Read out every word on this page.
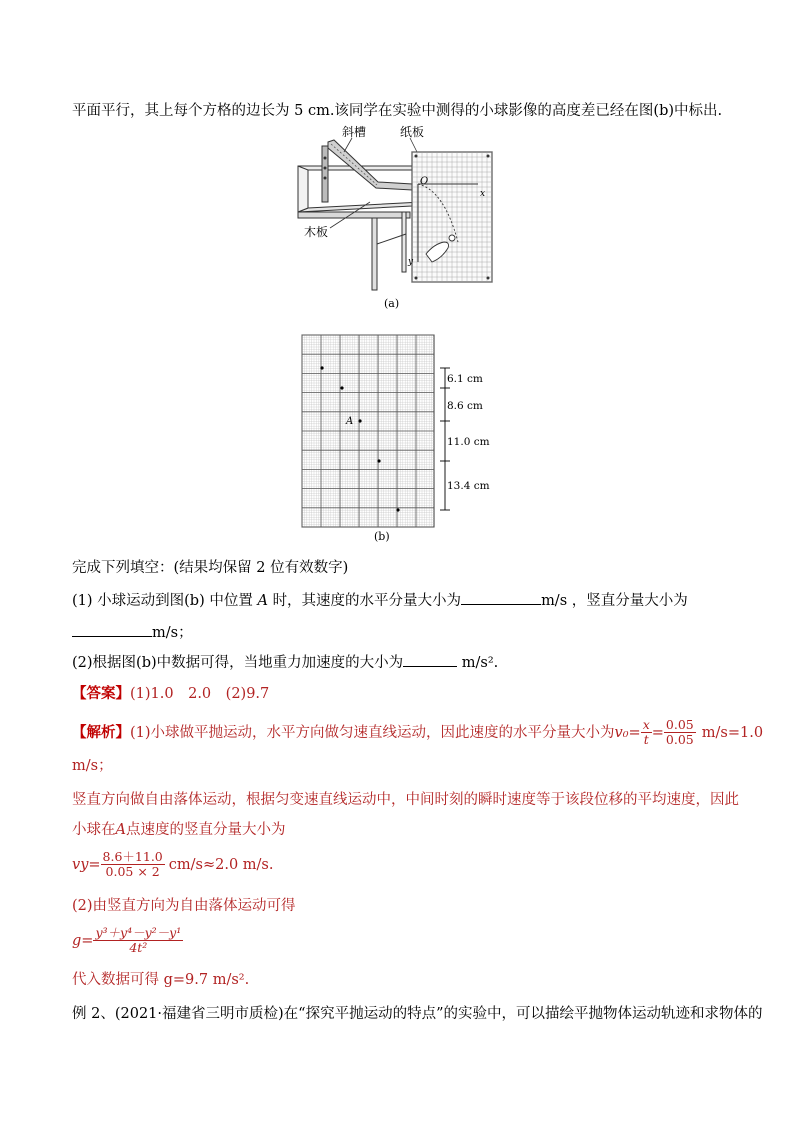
平面平行，其上每个方格的边长为 5 cm.该同学在实验中测得的小球影像的高度差已经在图(b)中标出.
斜槽	纸板
木板
O
x
y
(a)
A
6.1 cm
8.6 cm
11.0 cm
13.4 cm
(b)
完成下列填空：(结果均保留 2 位有效数字)
(1) 小球运动到图(b) 中位置 A 时，其速度的水平分量大小为	m/s ，竖直分量大小为
m/s；
(2)根据图(b)中数据可得，当地重力加速度的大小为	m/s².
【答案】(1)1.0　2.0　(2)9.7
【解析】 (1)小球做平抛运动，水平方向做匀速直线运动，因此速度的水平分量大小为 $v_0= \frac{x}{t} = \frac{0.05}{0.05} m/s=1.0$
m/s；
竖直方向做自由落体运动，根据匀变速直线运动中，中间时刻的瞬时速度等于该段位移的平均速度，因此
小球在A点速度的竖直分量大小为
$vy= \frac{8.6+11.0}{0.05 \times 2} cm/s\approx 2.0$ m/s.
(2)由竖直方向为自由落体运动可得
$g= \frac{\text{y³＋y⁴－y²－y¹}}{\text{4t²}}$
代入数据可得 g=9.7 m/s².
例 2、(2021·福建省三明市质检)在“探究平抛运动的特点”的实验中，可以描绘平抛物体运动轨迹和求物体的
